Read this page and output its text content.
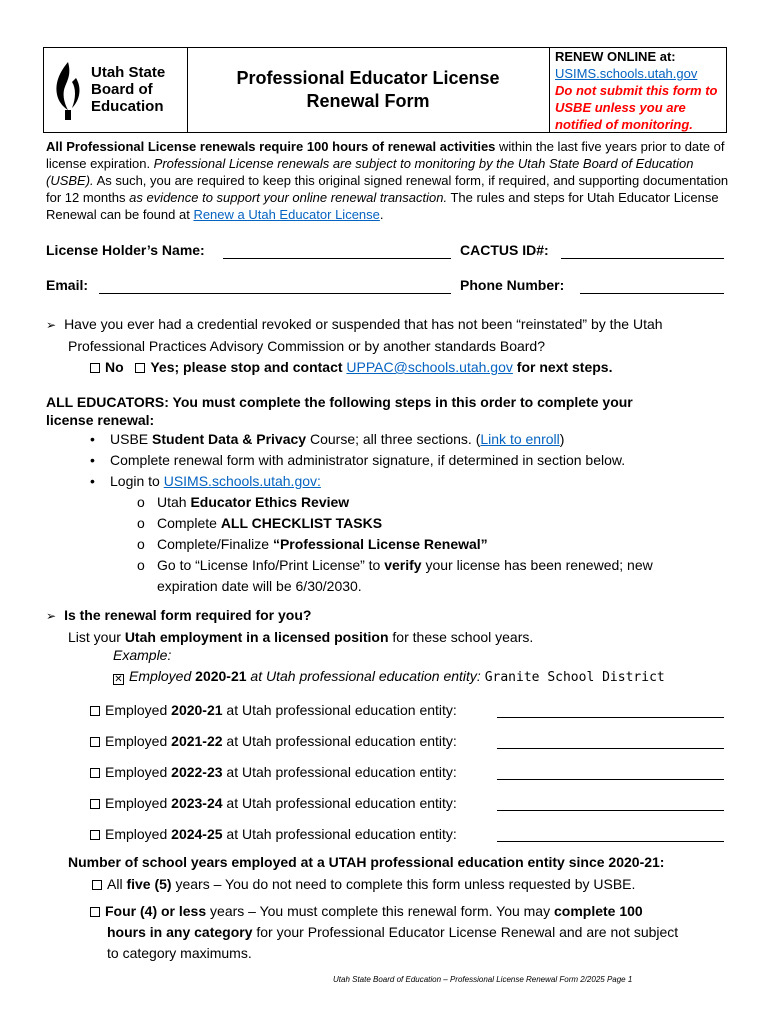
Utah State
Board of
Education
Professional Educator License
Renewal Form
RENEW ONLINE at:
USIMS.schools.utah.gov
Do not submit this form to USBE unless you are notified of monitoring.
All Professional License renewals require 100 hours of renewal activities within the last five years prior to date of license expiration. Professional License renewals are subject to monitoring by the Utah State Board of Education (USBE). As such, you are required to keep this original signed renewal form, if required, and supporting documentation for 12 months as evidence to support your online renewal transaction. The rules and steps for Utah Educator License Renewal can be found at Renew a Utah Educator License.
License Holder’s Name:	CACTUS ID#:
Email:	Phone Number:
➢ Have you ever had a credential revoked or suspended that has not been “reinstated” by the Utah
Professional Practices Advisory Commission or by another standards Board?
No Yes; please stop and contact UPPAC@schools.utah.gov for next steps.
ALL EDUCATORS: You must complete the following steps in this order to complete your
license renewal:
• USBE Student Data & Privacy Course; all three sections. (Link to enroll)
• Complete renewal form with administrator signature, if determined in section below.
• Login to USIMS.schools.utah.gov:
o Utah Educator Ethics Review
o Complete ALL CHECKLIST TASKS
o Complete/Finalize “Professional License Renewal”
o Go to “License Info/Print License” to verify your license has been renewed; new
expiration date will be 6/30/2030.
➢ Is the renewal form required for you?
List your Utah employment in a licensed position for these school years.
Example:
✕ Employed 2020-21 at Utah professional education entity: Granite School District
Employed 2020-21 at Utah professional education entity:
Employed 2021-22 at Utah professional education entity:
Employed 2022-23 at Utah professional education entity:
Employed 2023-24 at Utah professional education entity:
Employed 2024-25 at Utah professional education entity:
Number of school years employed at a UTAH professional education entity since 2020-21:
All five (5) years – You do not need to complete this form unless requested by USBE.
Four (4) or less years – You must complete this renewal form. You may complete 100
hours in any category for your Professional Educator License Renewal and are not subject
to category maximums.
Utah State Board of Education – Professional License Renewal Form 2/2025 Page 1
